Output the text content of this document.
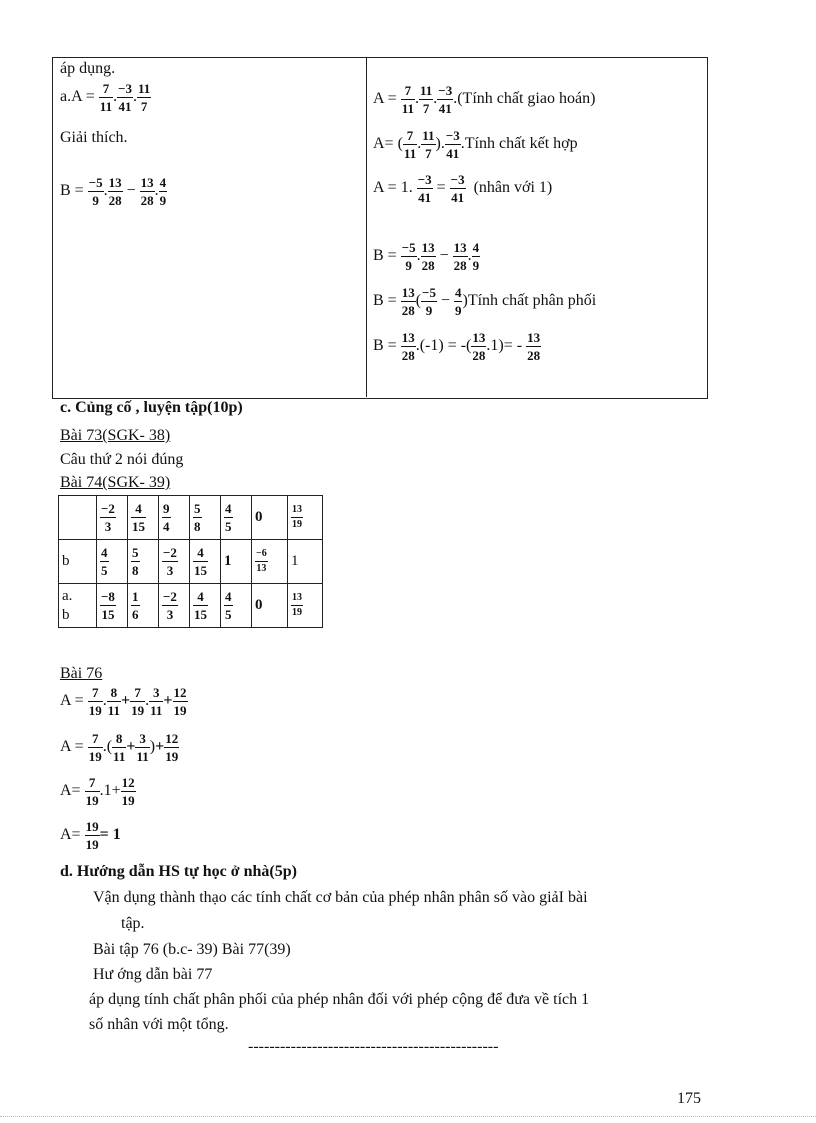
áp dụng.
$a.A = \frac{7}{11}$ . $\frac{-3}{41}$ . $\frac{11}{7}$
Giải thích.
$B = \frac{-5}{9}$ . $\frac{13}{28} - \frac{13}{28}$ . $\frac{4}{9}$
$A = \frac{7}{11}$ . $\frac{11}{7}$ . $\frac{-3}{41}$ .(Tính chất giao hoán)
A= ( $\frac{7}{11}$ . $\frac{11}{7}$ ). $\frac{-3}{41}$ .Tính chất kết hợp
A = 1. $\frac{-3}{41} = \frac{-3}{41}$ (nhân với 1)
$B = \frac{-5}{9}$ . $\frac{13}{28} - \frac{13}{28}$ . $\frac{4}{9}$
$B = \frac{13}{28}$ ( $\frac{-5}{9} - \frac{4}{9}$ )Tính chất phân phối
$B = \frac{13}{28} .(-1)$ = -( $\frac{13}{28} .1)= - \frac{13}{28}$
c. Củng cố , luyện tập(10p)
Bài 73(SGK- 38)
Câu thứ 2 nói đúng
Bài 74(SGK- 39)

	$\frac{-2}{3}$	$\frac{4}{15}$	$\frac{9}{4}$	$\frac{5}{8}$	$\frac{4}{5}$	0	$\frac{13}{19}$

b	$\frac{4}{5}$	$\frac{5}{8}$	$\frac{-2}{3}$	$\frac{4}{15}$	1	$\frac{-6}{13}$	1
a.
b	$\frac{-8}{15}$	$\frac{1}{6}$	$\frac{-2}{3}$	$\frac{4}{15}$	$\frac{4}{5}$	0	$\frac{13}{19}$
Bài 76
$A = \frac{7}{19}$ . $\frac{8}{11} + \frac{7}{19}$ . $\frac{3}{11} + \frac{12}{19}$
$A = \frac{7}{19}$ .( $\frac{8}{11} + \frac{3}{11}$ )+ $\frac{12}{19}$
$A= \frac{7}{19} .1+ \frac{12}{19}$
$A= \frac{19}{19} = 1$
d. Hướng dẫn HS tự học ở nhà(5p)
Vận dụng thành thạo các tính chất cơ bản của phép nhân phân số vào giảI bài
tập.
Bài tập 76 (b.c- 39) Bài 77(39)
Hư ớng dẫn bài 77
áp dụng tính chất phân phối của phép nhân đối với phép cộng để đưa về tích 1
số nhân với một tổng.
-----------------------------------------------
175
